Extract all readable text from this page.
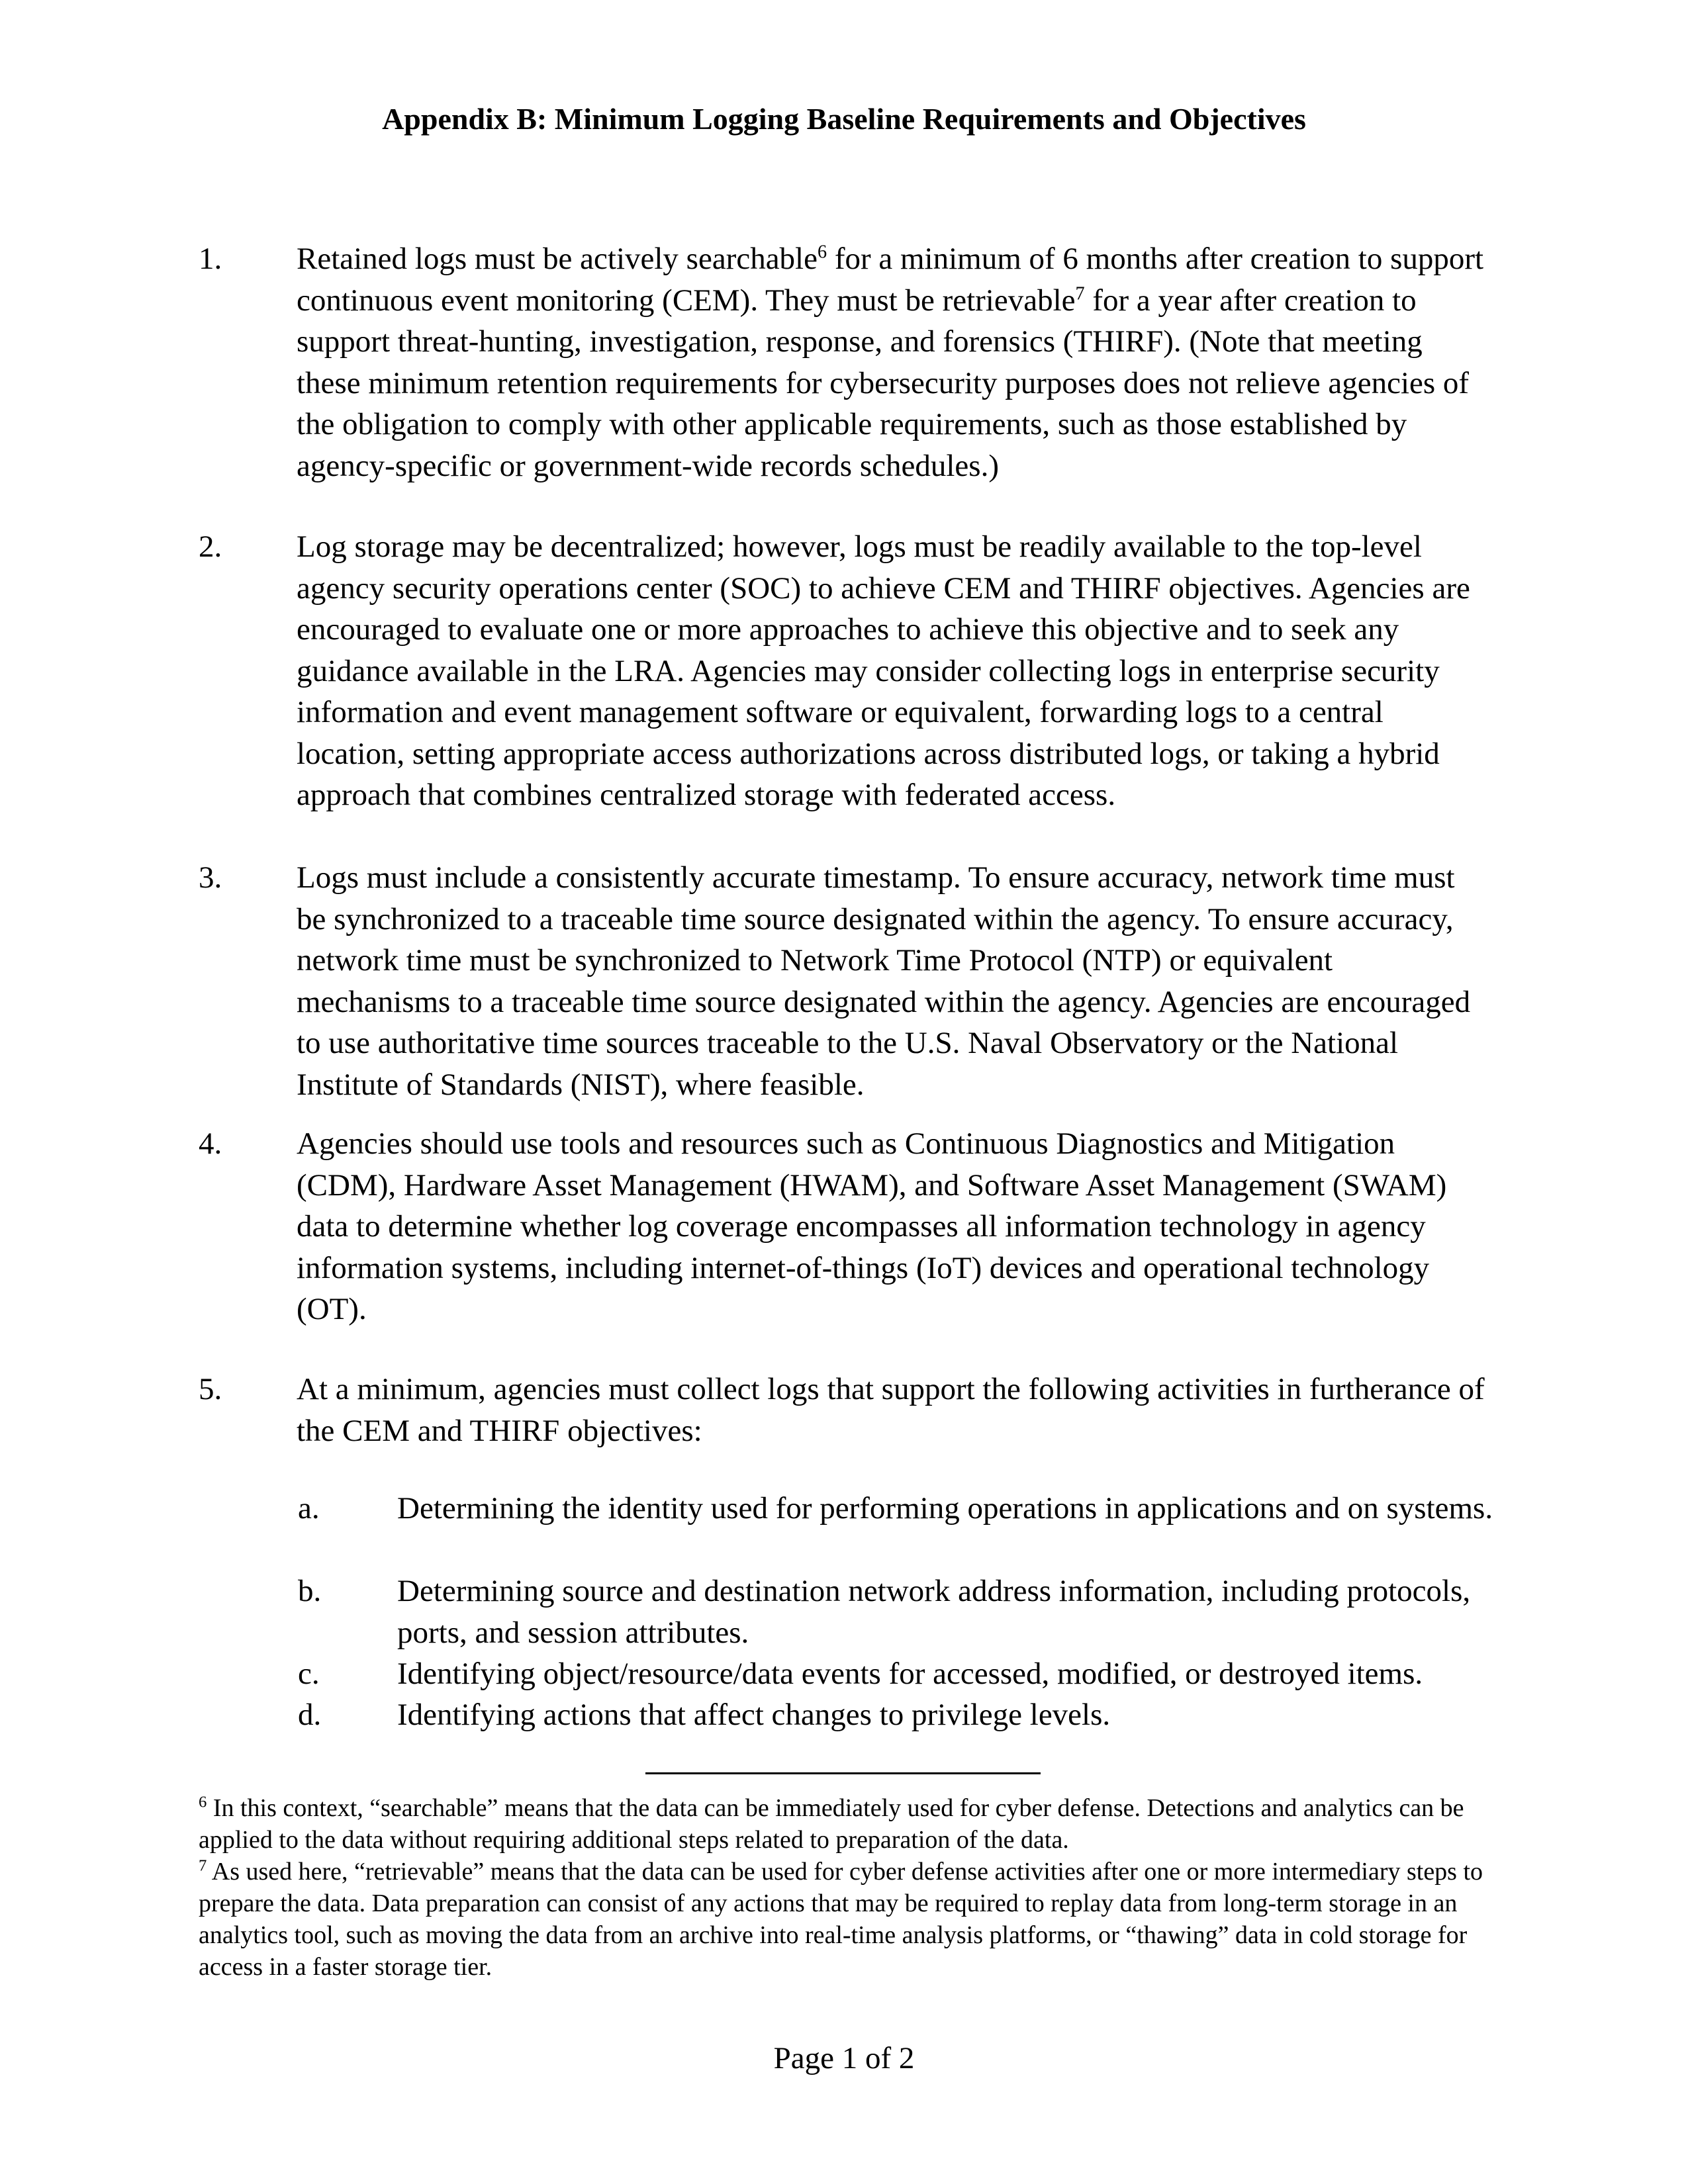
Appendix B: Minimum Logging Baseline Requirements and Objectives
1. Retained logs must be actively searchable$^6$ for a minimum of 6 months after creation to support continuous event monitoring (CEM). They must be retrievable$^7$ for a year after creation to support threat-hunting, investigation, response, and forensics (THIRF). (Note that meeting these minimum retention requirements for cybersecurity purposes does not relieve agencies of the obligation to comply with other applicable requirements, such as those established by agency-specific or government-wide records schedules.)
2. Log storage may be decentralized; however, logs must be readily available to the top-level agency security operations center (SOC) to achieve CEM and THIRF objectives. Agencies are encouraged to evaluate one or more approaches to achieve this objective and to seek any guidance available in the LRA. Agencies may consider collecting logs in enterprise security information and event management software or equivalent, forwarding logs to a central location, setting appropriate access authorizations across distributed logs, or taking a hybrid approach that combines centralized storage with federated access.
3. Logs must include a consistently accurate timestamp. To ensure accuracy, network time must be synchronized to a traceable time source designated within the agency. To ensure accuracy, network time must be synchronized to Network Time Protocol (NTP) or equivalent mechanisms to a traceable time source designated within the agency. Agencies are encouraged to use authoritative time sources traceable to the U.S. Naval Observatory or the National Institute of Standards (NIST), where feasible.
4. Agencies should use tools and resources such as Continuous Diagnostics and Mitigation (CDM), Hardware Asset Management (HWAM), and Software Asset Management (SWAM) data to determine whether log coverage encompasses all information technology in agency information systems, including internet-of-things (IoT) devices and operational technology (OT).
5. At a minimum, agencies must collect logs that support the following activities in furtherance of the CEM and THIRF objectives:
a. Determining the identity used for performing operations in applications and on systems.
b. Determining source and destination network address information, including protocols, ports, and session attributes.
c. Identifying object/resource/data events for accessed, modified, or destroyed items.
d. Identifying actions that affect changes to privilege levels.
$^6$ In this context, “searchable” means that the data can be immediately used for cyber defense. Detections and analytics can be applied to the data without requiring additional steps related to preparation of the data.
$^7$ As used here, “retrievable” means that the data can be used for cyber defense activities after one or more intermediary steps to prepare the data. Data preparation can consist of any actions that may be required to replay data from long-term storage in an analytics tool, such as moving the data from an archive into real-time analysis platforms, or “thawing” data in cold storage for access in a faster storage tier.
Page 1 of 2
